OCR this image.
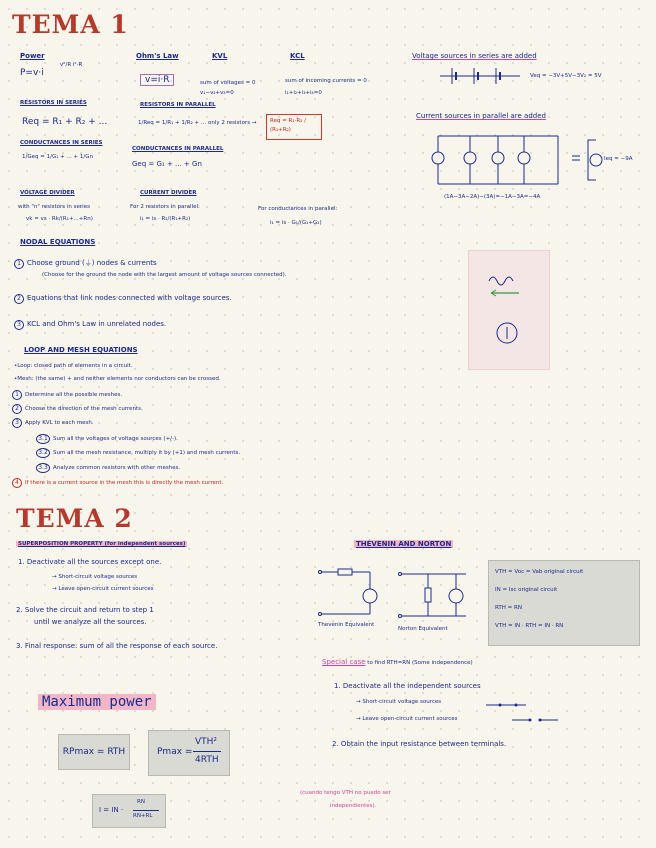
TEMA 1
Power
P=v·i
v²/R i²·R
Ohm's Law
v=i·R
KVL
sum of voltages = 0
v₁−v₂+v₃=0
KCL
sum of incoming currents = 0
i₁+i₂+i₃+i₄=0
RESISTORS IN SERIES
Req = R₁ + R₂ + ...
RESISTORS IN PARALLEL
1/Req = 1/R₁ + 1/R₂ + ... only 2 resistors →	Req = R₁·R₂ / (R₁+R₂)
CONDUCTANCES IN SERIES
1/Geq = 1/G₁ + ... + 1/Gn
CONDUCTANCES IN PARALLEL
Geq = G₁ + ... + Gn
VOLTAGE DIVIDER
with "n" resistors in series
vk = vs · Rk/(R₁+...+Rn)
CURRENT DIVIDER
For 2 resistors in parallel:
i₁ = is · R₂/(R₁+R₂)
For conductances in parallel:
i₁ = is · G₁/(G₁+G₂)
Voltage sources in series are added
Veq = −3V+5V−3V₂ = 5V
Current sources in parallel are added
Ieq = −9A
(1A−3A−2A)−(3A)=−1A−3A=−4A
NODAL EQUATIONS
1 Choose ground (⏚) nodes & currents
(Choose for the ground the node with the largest amount of voltage sources connected).
2 Equations that link nodes connected with voltage sources.
3 KCL and Ohm's Law in unrelated nodes.
LOOP AND MESH EQUATIONS
•Loop: closed path of elements in a circuit.
•Mesh: (the same) + and neither elements nor conductors can be crossed.
1 Determine all the possible meshes.
2 Choose the direction of the mesh currents.
3 Apply KVL to each mesh.
3.1 Sum all the voltages of voltage sources (+/-).
3.2 Sum all the mesh resistance, multiply it by (+1) and mesh currents.
3.3 Analyze common resistors with other meshes.
4 If there is a current source in the mesh this is directly the mesh current.
TEMA 2
SUPERPOSITION PROPERTY (for independent sources)
1. Deactivate all the sources except one.
→ Short-circuit voltage sources
→ Leave open-circuit current sources
2. Solve the circuit and return to step 1
until we analyze all the sources.
3. Final response: sum of all the response of each source.
THÉVENIN AND NORTON
Thevenin Equivalent
Norton Equivalent
VTH = Voc = Vab original circuit
IN = Isc original circuit
RTH = RN
VTH = IN · RTH = IN · RN
Special case to find RTH=RN (Some independence)
1. Deactivate all the independent sources
→ Short-circuit voltage sources
→ Leave open-circuit current sources
2. Obtain the input resistance between terminals.
(cuando tengo VTH no puedo ser
independientes).
Maximum power
RPmax = RTH	Pmax =
VTH²
4RTH
I = IN ·
RN
RN+RL
